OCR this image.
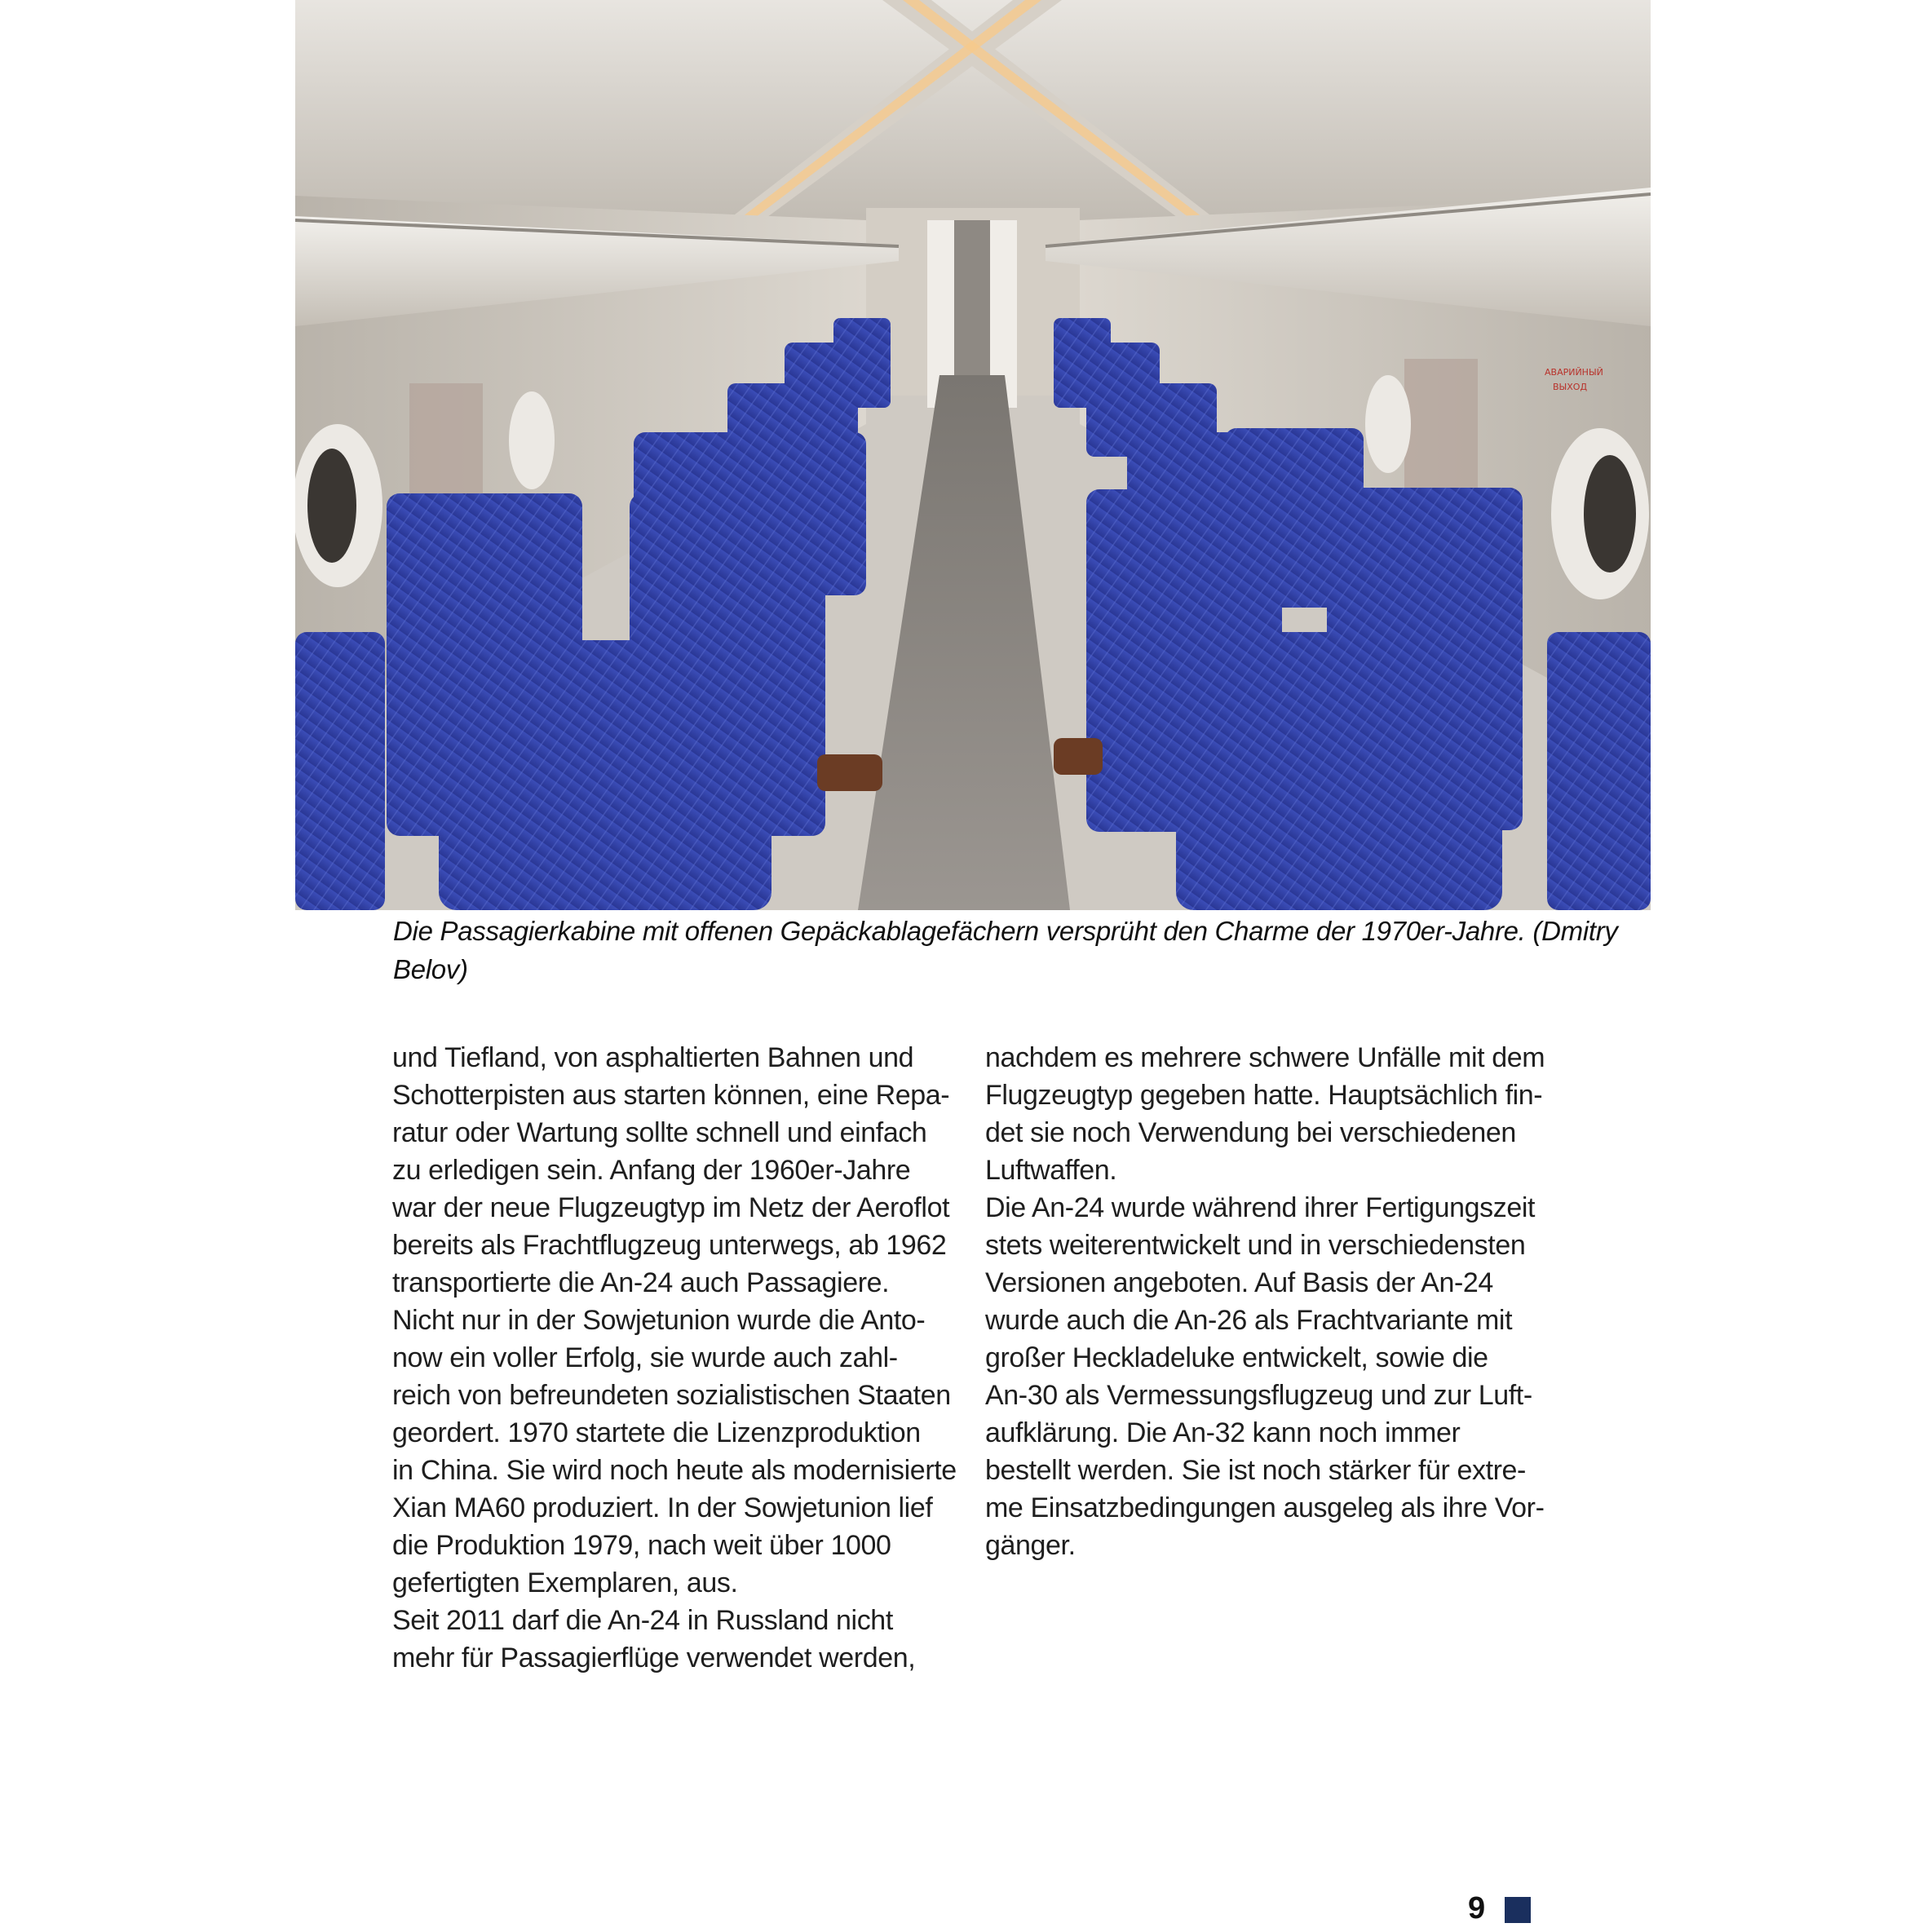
АВАРИЙНЫЙ
ВЫХОД
Die Passagierkabine mit offenen Gepäckablagefächern versprüht den Charme der 1970er-Jahre. (Dmitry
Belov)
und Tiefland, von asphaltierten Bahnen und
Schotterpisten aus starten können, eine Repa-
ratur oder Wartung sollte schnell und einfach
zu erledigen sein. Anfang der 1960er-Jahre
war der neue Flugzeugtyp im Netz der Aeroflot
bereits als Frachtflugzeug unterwegs, ab 1962
transportierte die An-24 auch Passagiere.
Nicht nur in der Sowjetunion wurde die Anto-
now ein voller Erfolg, sie wurde auch zahl-
reich von befreundeten sozialistischen Staaten
geordert. 1970 startete die Lizenzproduktion
in China. Sie wird noch heute als modernisierte
Xian MA60 produziert. In der Sowjetunion lief
die Produktion 1979, nach weit über 1000
gefertigten Exemplaren, aus.
Seit 2011 darf die An-24 in Russland nicht
mehr für Passagierflüge verwendet werden,
nachdem es mehrere schwere Unfälle mit dem
Flugzeugtyp gegeben hatte. Hauptsächlich fin-
det sie noch Verwendung bei verschiedenen
Luftwaffen.
Die An-24 wurde während ihrer Fertigungszeit
stets weiterentwickelt und in verschiedensten
Versionen angeboten. Auf Basis der An-24
wurde auch die An-26 als Frachtvariante mit
großer Heckladeluke entwickelt, sowie die
An-30 als Vermessungsflugzeug und zur Luft-
aufklärung. Die An-32 kann noch immer
bestellt werden. Sie ist noch stärker für extre-
me Einsatzbedingungen ausgeleg als ihre Vor-
gänger.
9
